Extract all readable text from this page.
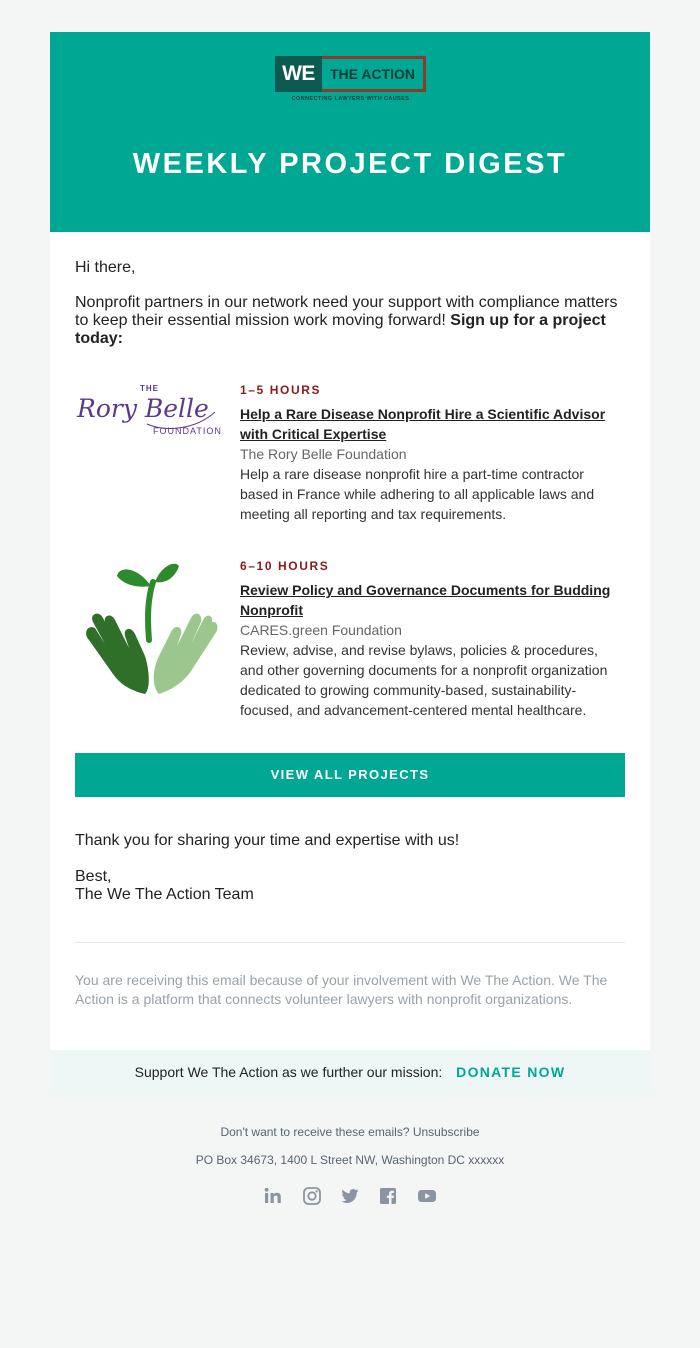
WE	THE ACTION
CONNECTING LAWYERS WITH CAUSES
WEEKLY PROJECT DIGEST
Hi there,
Nonprofit partners in our network need your support with compliance matters to keep their essential mission work moving forward! Sign up for a project today:
THE
Rory Belle
FOUNDATION
1–5 HOURS
Help a Rare Disease Nonprofit Hire a Scientific Advisor with Critical Expertise
The Rory Belle Foundation
Help a rare disease nonprofit hire a part-time contractor based in France while adhering to all applicable laws and meeting all reporting and tax requirements.
6–10 HOURS
Review Policy and Governance Documents for Budding Nonprofit
CARES.green Foundation
Review, advise, and revise bylaws, policies & procedures, and other governing documents for a nonprofit organization dedicated to growing community-based, sustainability-focused, and advancement-centered mental healthcare.
VIEW ALL PROJECTS
Thank you for sharing your time and expertise with us!
Best,
The We The Action Team
You are receiving this email because of your involvement with We The Action. We The Action is a platform that connects volunteer lawyers with nonprofit organizations.
Support We The Action as we further our mission: DONATE NOW
Don't want to receive these emails? Unsubscribe
PO Box 34673, 1400 L Street NW, Washington DC xxxxxx
